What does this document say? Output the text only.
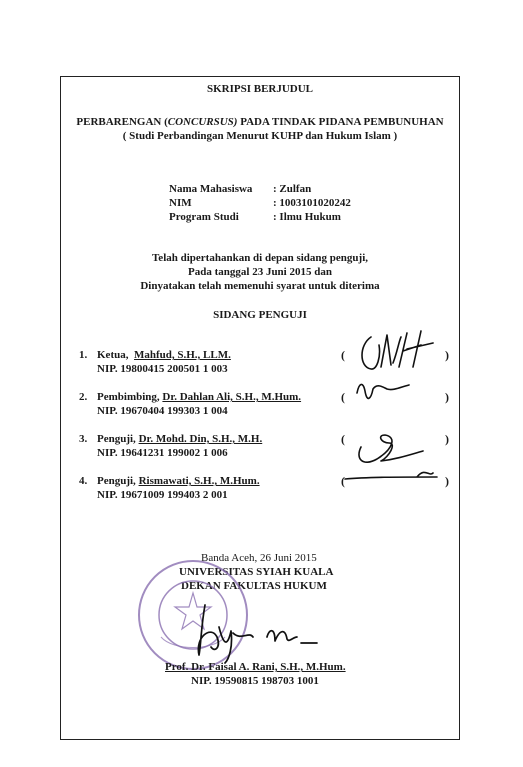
SKRIPSI BERJUDUL
PERBARENGAN (CONCURSUS) PADA TINDAK PIDANA PEMBUNUHAN
( Studi Perbandingan Menurut KUHP dan Hukum Islam )
Nama Mahasiswa : Zulfan
NIM	: 1003101020242
Program Studi	: Ilmu Hukum
Telah dipertahankan di depan sidang penguji,
Pada tanggal 23 Juni 2015 dan
Dinyatakan telah memenuhi syarat untuk diterima
SIDANG PENGUJI
1. Ketua, Mahfud, S.H., LLM.
NIP. 19800415 200501 1 003
2. Pembimbing, Dr. Dahlan Ali, S.H., M.Hum.
NIP. 19670404 199303 1 004
3. Penguji, Dr. Mohd. Din, S.H., M.H.
NIP. 19641231 199002 1 006
4. Penguji, Rismawati, S.H., M.Hum.
NIP. 19671009 199403 2 001
(	)
(	)
(	)
(	)
Banda Aceh, 26 Juni 2015
UNIVERSITAS SYIAH KUALA
DEKAN FAKULTAS HUKUM
Prof. Dr. Faisal A. Rani, S.H., M.Hum.
NIP. 19590815 198703 1001
